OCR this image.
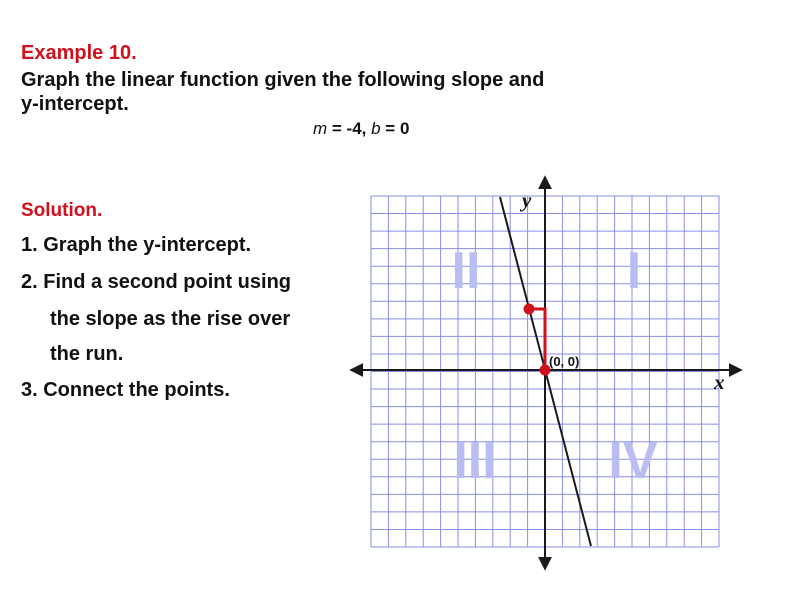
Example 10.
Graph the linear function given the following slope and
y-intercept.
m = -4, b = 0
Solution.
1. Graph the y-intercept.
2. Find a second point using
the slope as the rise over
the run.
3. Connect the points.
II	I
III IV
x
y
(0, 0)
